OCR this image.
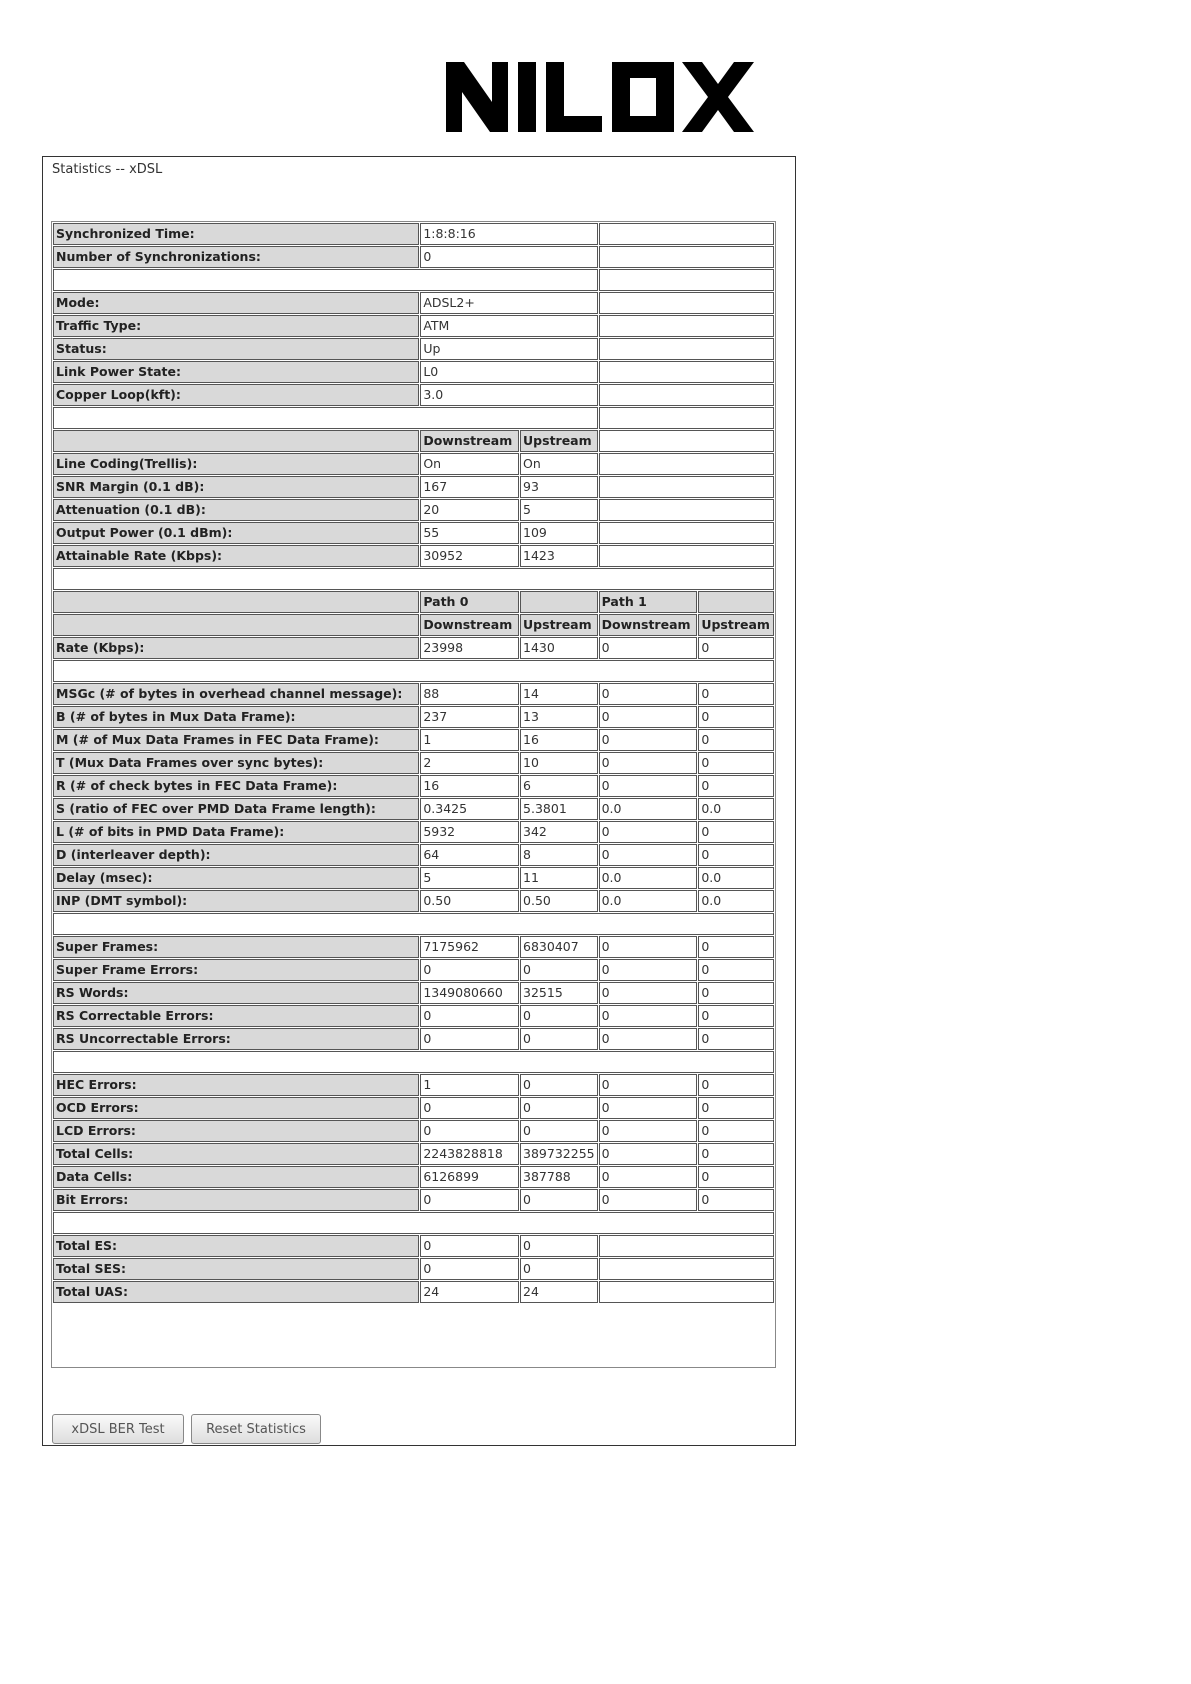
Statistics -- xDSL
Synchronized Time:	1:8:8:16			
Number of Synchronizations:	0			

Mode:	ADSL2+			
Traffic Type:	ATM			
Status:	Up			
Link Power State:	L0			
Copper Loop(kft):	3.0			

	Downstream	Upstream		
Line Coding(Trellis):	On	On		
SNR Margin (0.1 dB):	167	93		
Attenuation (0.1 dB):	20	5		
Output Power (0.1 dBm):	55	109		
Attainable Rate (Kbps):	30952	1423		

	Path 0		Path 1	
	Downstream	Upstream	Downstream	Upstream
Rate (Kbps):	23998	1430	0	0

MSGc (# of bytes in overhead channel message):	88	14	0	0
B (# of bytes in Mux Data Frame):	237	13	0	0
M (# of Mux Data Frames in FEC Data Frame):	1	16	0	0
T (Mux Data Frames over sync bytes):	2	10	0	0
R (# of check bytes in FEC Data Frame):	16	6	0	0
S (ratio of FEC over PMD Data Frame length):	0.3425	5.3801	0.0	0.0
L (# of bits in PMD Data Frame):	5932	342	0	0
D (interleaver depth):	64	8	0	0
Delay (msec):	5	11	0.0	0.0
INP (DMT symbol):	0.50	0.50	0.0	0.0

Super Frames:	7175962	6830407	0	0
Super Frame Errors:	0	0	0	0
RS Words:	1349080660	32515	0	0
RS Correctable Errors:	0	0	0	0
RS Uncorrectable Errors:	0	0	0	0

HEC Errors:	1	0	0	0
OCD Errors:	0	0	0	0
LCD Errors:	0	0	0	0
Total Cells:	2243828818	389732255	0	0
Data Cells:	6126899	387788	0	0
Bit Errors:	0	0	0	0

Total ES:	0	0		
Total SES:	0	0		
Total UAS:	24	24		
xDSL BER Test	Reset Statistics
